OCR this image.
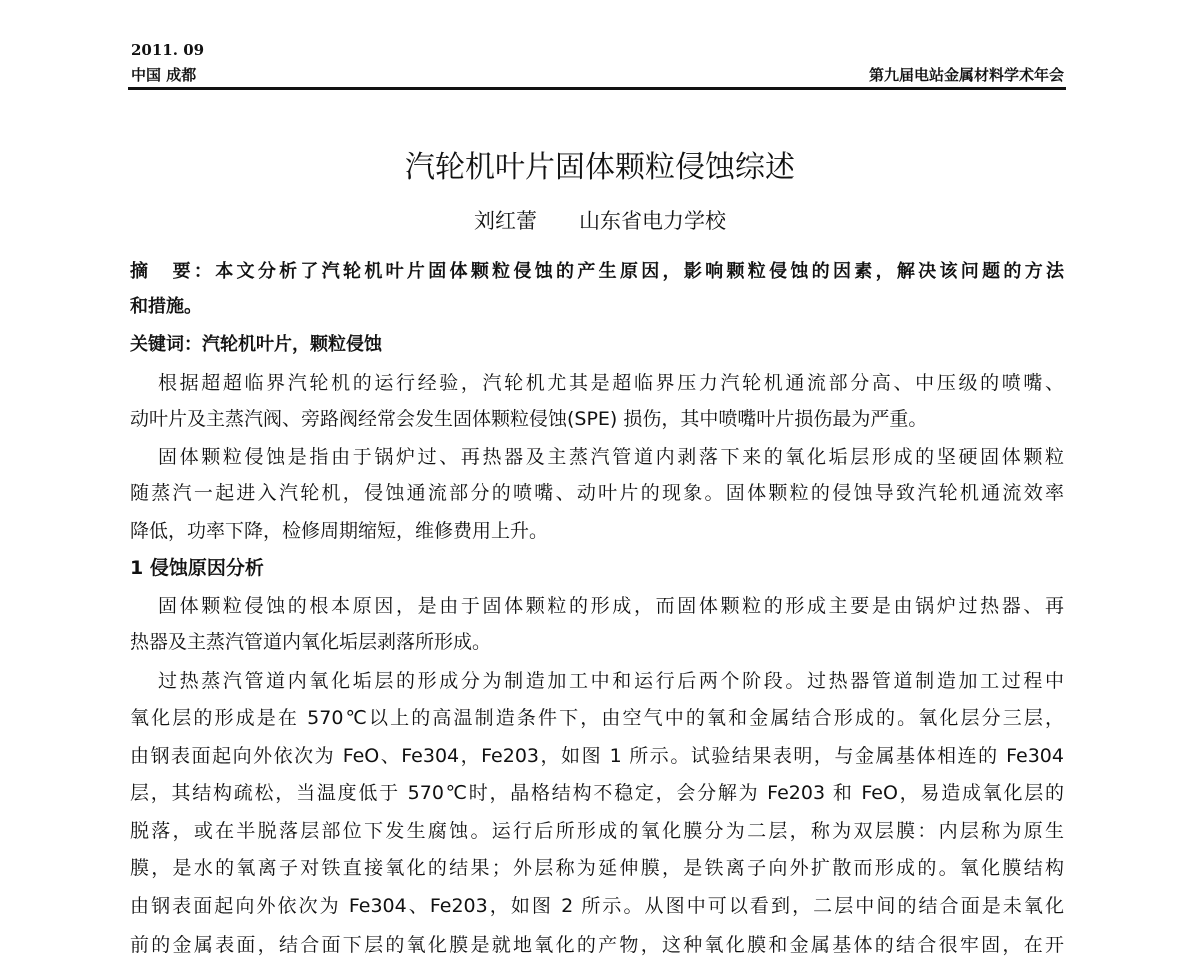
2011. 09
中国 成都	第九届电站金属材料学术年会
汽轮机叶片固体颗粒侵蚀综述
刘红蕾　　山东省电力学校
摘　要：本文分析了汽轮机叶片固体颗粒侵蚀的产生原因，影响颗粒侵蚀的因素，解决该问题的方法
和措施。
关键词：汽轮机叶片，颗粒侵蚀
根据超超临界汽轮机的运行经验，汽轮机尤其是超临界压力汽轮机通流部分高、中压级的喷嘴、
动叶片及主蒸汽阀、旁路阀经常会发生固体颗粒侵蚀(SPE) 损伤，其中喷嘴叶片损伤最为严重。
固体颗粒侵蚀是指由于锅炉过、再热器及主蒸汽管道内剥落下来的氧化垢层形成的坚硬固体颗粒
随蒸汽一起进入汽轮机，侵蚀通流部分的喷嘴、动叶片的现象。固体颗粒的侵蚀导致汽轮机通流效率
降低，功率下降，检修周期缩短，维修费用上升。
1 侵蚀原因分析
固体颗粒侵蚀的根本原因，是由于固体颗粒的形成，而固体颗粒的形成主要是由锅炉过热器、再
热器及主蒸汽管道内氧化垢层剥落所形成。
过热蒸汽管道内氧化垢层的形成分为制造加工中和运行后两个阶段。过热器管道制造加工过程中
氧化层的形成是在 570℃以上的高温制造条件下，由空气中的氧和金属结合形成的。氧化层分三层，
由钢表面起向外依次为 FeO、Fe304，Fe203，如图 1 所示。试验结果表明，与金属基体相连的 Fe304
层，其结构疏松，当温度低于 570℃时，晶格结构不稳定，会分解为 Fe203 和 FeO，易造成氧化层的
脱落，或在半脱落层部位下发生腐蚀。运行后所形成的氧化膜分为二层，称为双层膜：内层称为原生
膜，是水的氧离子对铁直接氧化的结果；外层称为延伸膜，是铁离子向外扩散而形成的。氧化膜结构
由钢表面起向外依次为 Fe304、Fe203，如图 2 所示。从图中可以看到，二层中间的结合面是未氧化
前的金属表面，结合面下层的氧化膜是就地氧化的产物，这种氧化膜和金属基体的结合很牢固，在开
